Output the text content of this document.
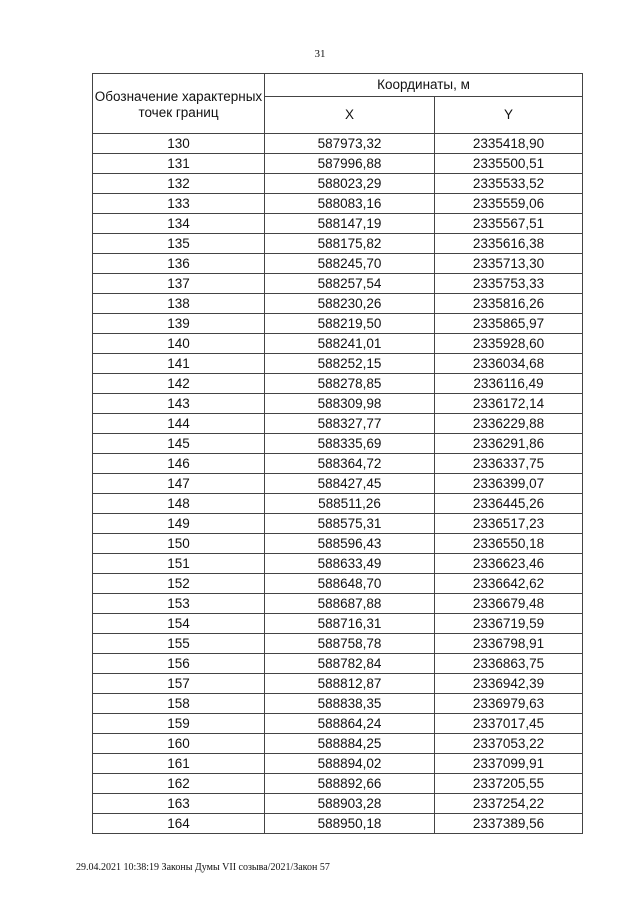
31
Обозначение характерных точек границ	Координаты, м	
	X	Y
130	587973,32	2335418,90
131	587996,88	2335500,51
132	588023,29	2335533,52
133	588083,16	2335559,06
134	588147,19	2335567,51
135	588175,82	2335616,38
136	588245,70	2335713,30
137	588257,54	2335753,33
138	588230,26	2335816,26
139	588219,50	2335865,97
140	588241,01	2335928,60
141	588252,15	2336034,68
142	588278,85	2336116,49
143	588309,98	2336172,14
144	588327,77	2336229,88
145	588335,69	2336291,86
146	588364,72	2336337,75
147	588427,45	2336399,07
148	588511,26	2336445,26
149	588575,31	2336517,23
150	588596,43	2336550,18
151	588633,49	2336623,46
152	588648,70	2336642,62
153	588687,88	2336679,48
154	588716,31	2336719,59
155	588758,78	2336798,91
156	588782,84	2336863,75
157	588812,87	2336942,39
158	588838,35	2336979,63
159	588864,24	2337017,45
160	588884,25	2337053,22
161	588894,02	2337099,91
162	588892,66	2337205,55
163	588903,28	2337254,22
164	588950,18	2337389,56
29.04.2021 10:38:19 Законы Думы VII созыва/2021/Закон 57
